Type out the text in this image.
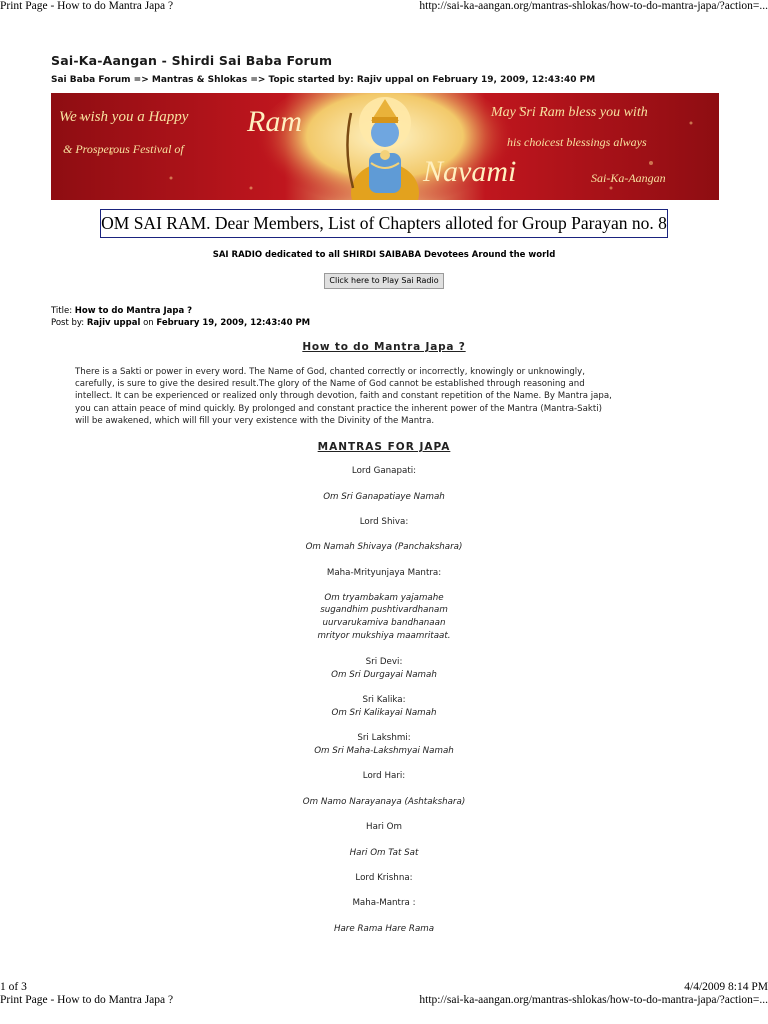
Print Page - How to do Mantra Japa ?	http://sai-ka-aangan.org/mantras-shlokas/how-to-do-mantra-japa/?action=...
Sai-Ka-Aangan - Shirdi Sai Baba Forum
Sai Baba Forum => Mantras & Shlokas => Topic started by: Rajiv uppal on February 19, 2009, 12:43:40 PM
We wish you a Happy
& Prosperous Festival of
Ram
Navami
May Sri Ram bless you with
his choicest blessings always
Sai-Ka-Aangan
OM SAI RAM. Dear Members, List of Chapters alloted for Group Parayan no. 8
SAI RADIO dedicated to all SHIRDI SAIBABA Devotees Around the world
Click here to Play Sai Radio
Title: How to do Mantra Japa ?
Post by: Rajiv uppal on February 19, 2009, 12:43:40 PM
How to do Mantra Japa ?
There is a Sakti or power in every word. The Name of God, chanted correctly or incorrectly, knowingly or unknowingly,
carefully, is sure to give the desired result.The glory of the Name of God cannot be established through reasoning and
intellect. It can be experienced or realized only through devotion, faith and constant repetition of the Name. By Mantra japa,
you can attain peace of mind quickly. By prolonged and constant practice the inherent power of the Mantra (Mantra-Sakti)
will be awakened, which will fill your very existence with the Divinity of the Mantra.
MANTRAS FOR JAPA
Lord Ganapati:
Om Sri Ganapatiaye Namah
Lord Shiva:
Om Namah Shivaya (Panchakshara)
Maha-Mrityunjaya Mantra:
Om tryambakam yajamahe
sugandhim pushtivardhanam
uurvarukamiva bandhanaan
mrityor mukshiya maamritaat.
Sri Devi:
Om Sri Durgayai Namah
Sri Kalika:
Om Sri Kalikayai Namah
Sri Lakshmi:
Om Sri Maha-Lakshmyai Namah
Lord Hari:
Om Namo Narayanaya (Ashtakshara)
Hari Om
Hari Om Tat Sat
Lord Krishna:
Maha-Mantra :
Hare Rama Hare Rama
1 of 3	4/4/2009 8:14 PM
Print Page - How to do Mantra Japa ?	http://sai-ka-aangan.org/mantras-shlokas/how-to-do-mantra-japa/?action=...
